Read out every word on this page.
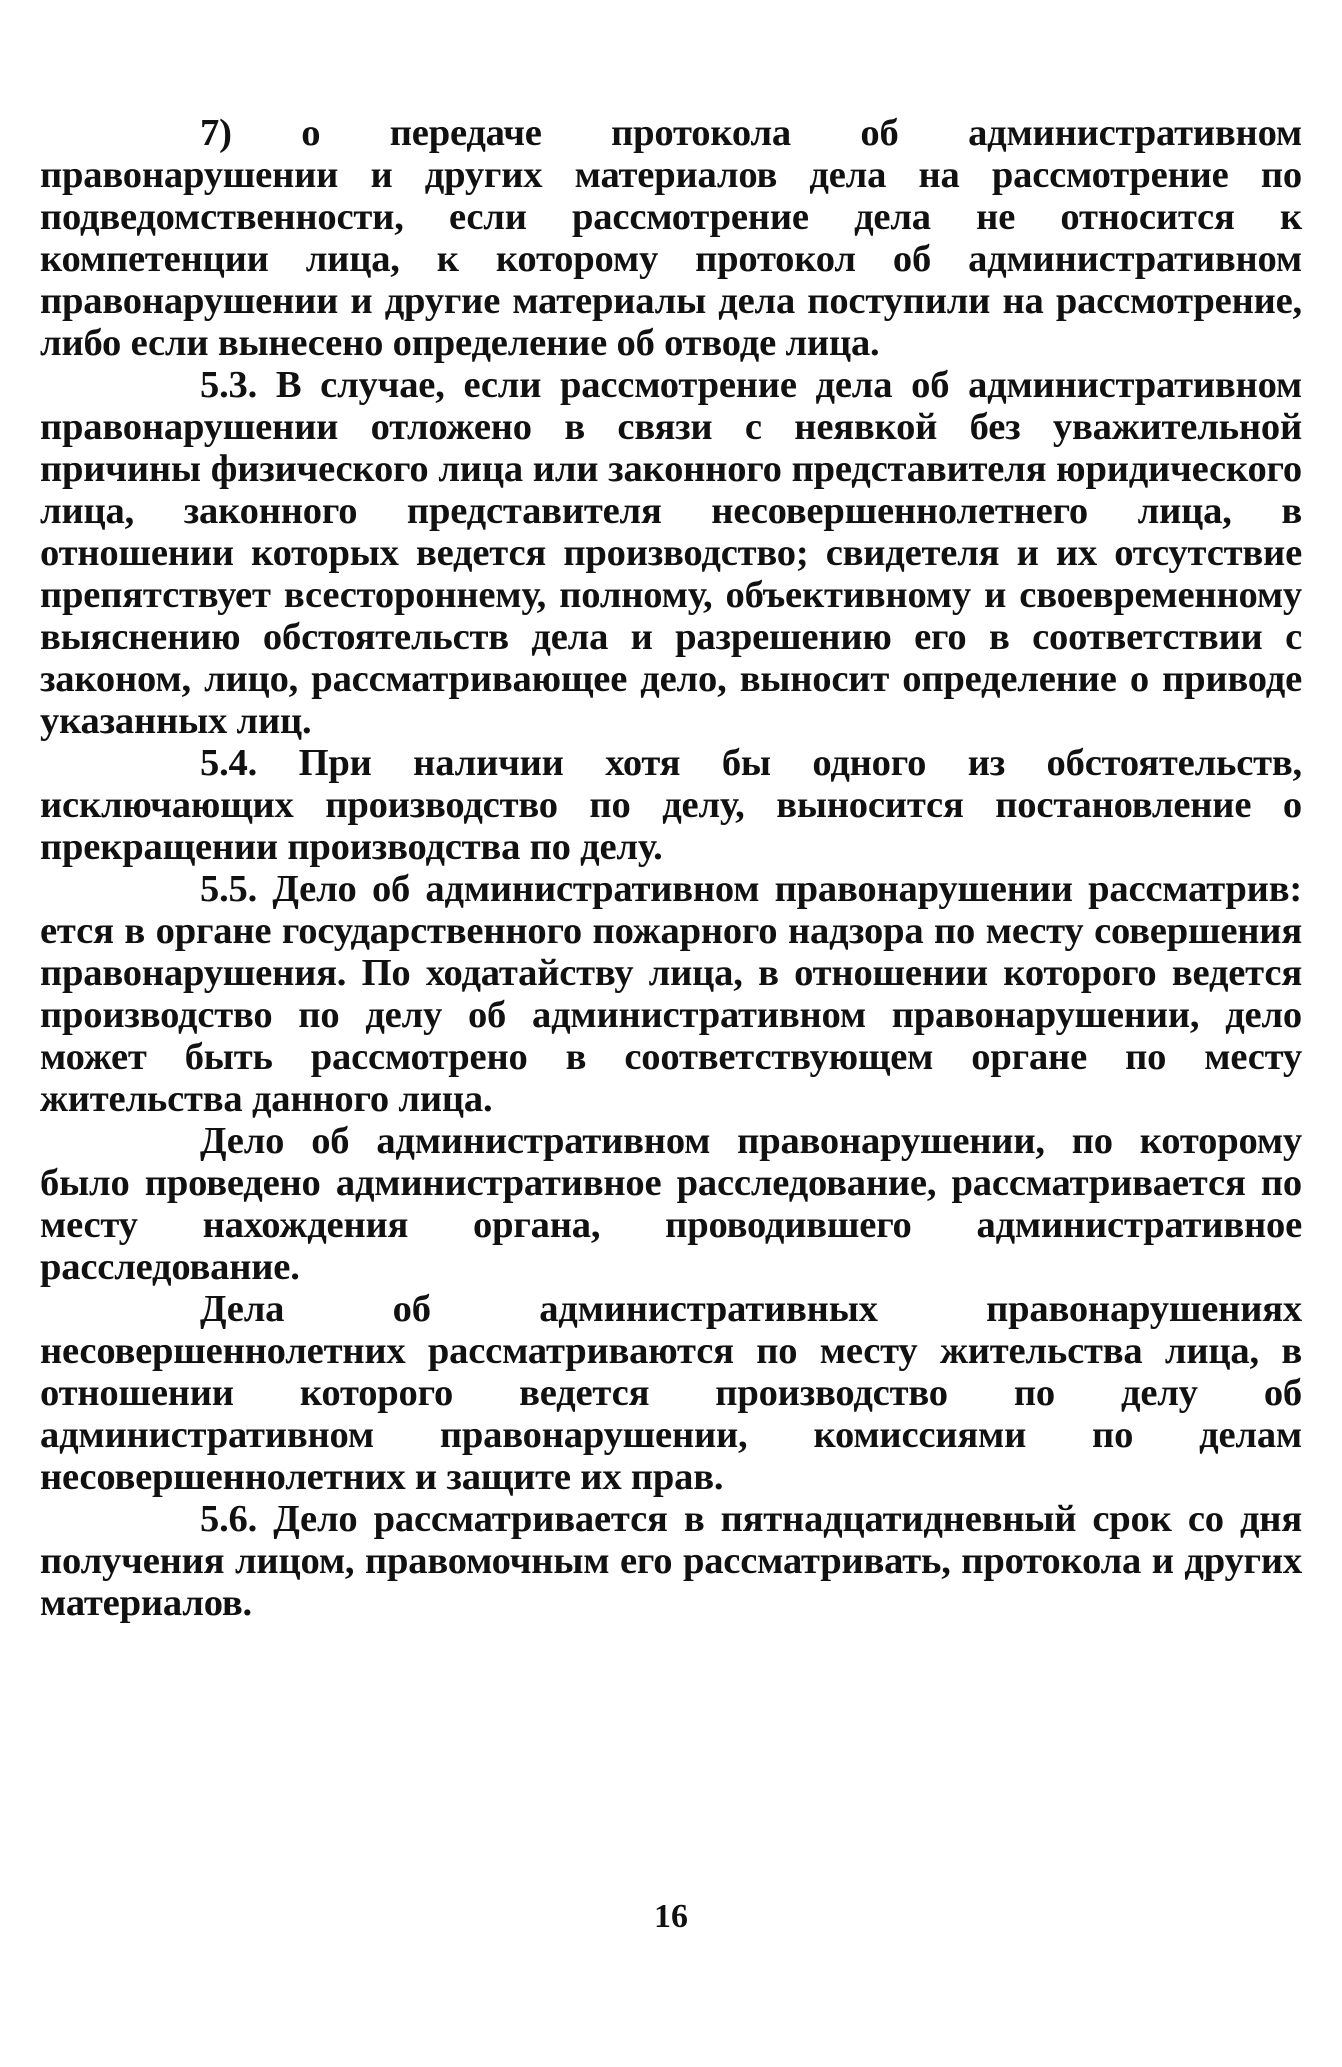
7) о передаче протокола об административном правонарушении и других материалов дела на рассмотрение по подведомственности, если рассмотрение дела не относится к компетенции лица, к которому протокол об административном правонарушении и другие материалы дела поступили на рассмотрение, либо если вынесено определение об отводе лица.

5.3. В случае, если рассмотрение дела об административном правонарушении отложено в связи с неявкой без уважительной причины физического лица или законного представителя юридического лица, законного представителя несовершеннолетнего лица, в отношении которых ведется производство; свидетеля и их отсутствие препятствует всестороннему, полному, объективному и своевременному выяснению обстоятельств дела и разрешению его в соответствии с законом, лицо, рассматривающее дело, выносит определение о приводе указанных лиц.

5.4. При наличии хотя бы одного из обстоятельств, исключающих производство по делу, выносится постановление о прекращении производства по делу.

5.5. Дело об административном правонарушении рассматрив: ется в органе государственного пожарного надзора по месту совершения правонарушения. По ходатайству лица, в отношении которого ведется производство по делу об административном правонарушении, дело может быть рассмотрено в соответствующем органе по месту жительства данного лица.

Дело об административном правонарушении, по которому было проведено административное расследование, рассматривается по месту нахождения органа, проводившего административное расследование.

Дела об административных правонарушениях несовершеннолетних рассматриваются по месту жительства лица, в отношении которого ведется производство по делу об административном правонарушении, комиссиями по делам несовершеннолетних и защите их прав.

5.6. Дело рассматривается в пятнадцатидневный срок со дня получения лицом, правомочным его рассматривать, протокола и других материалов.

16
